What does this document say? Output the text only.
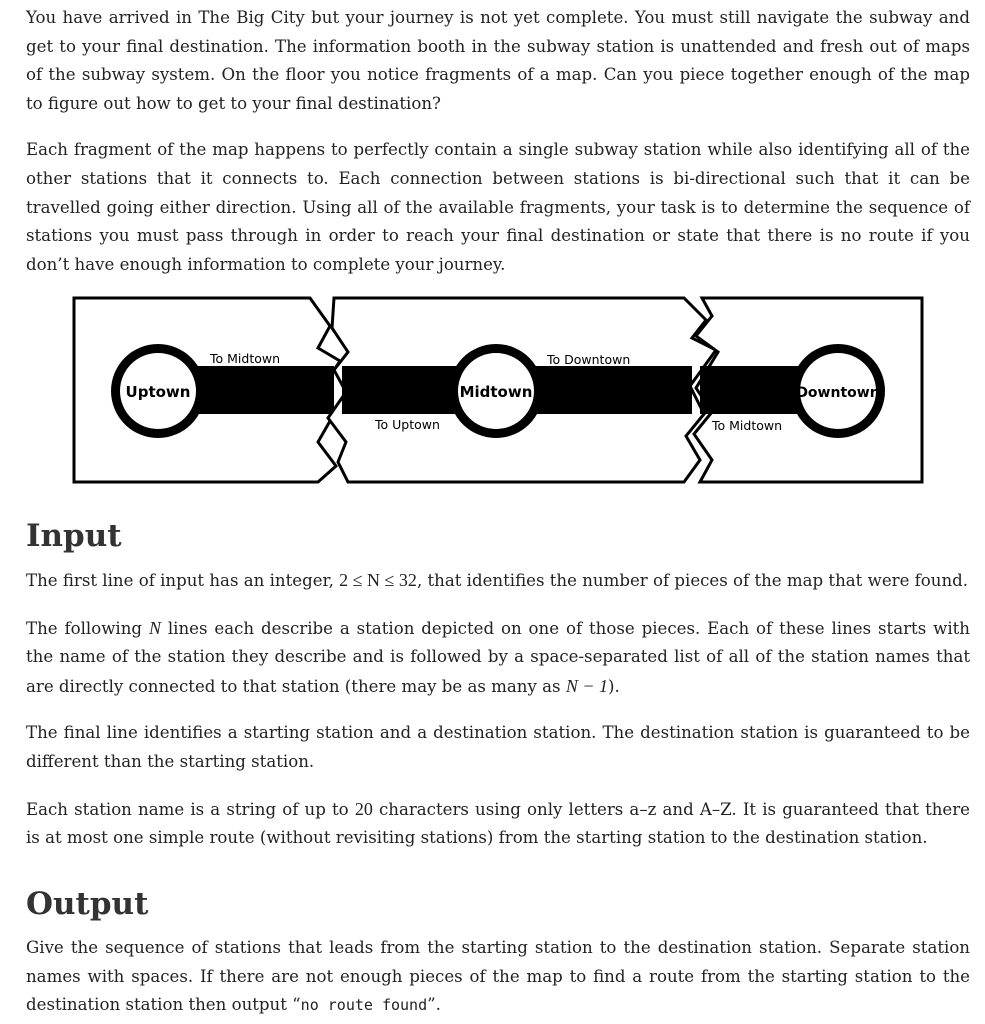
You have arrived in The Big City but your journey is not yet complete. You must still navigate the subway and get to your final destination. The information booth in the subway station is unattended and fresh out of maps of the subway system. On the floor you notice fragments of a map. Can you piece together enough of the map to figure out how to get to your final destination?

Each fragment of the map happens to perfectly contain a single subway station while also identifying all of the other stations that it connects to. Each connection between stations is bi-directional such that it can be travelled going either direction. Using all of the available fragments, your task is to determine the sequence of stations you must pass through in order to reach your final destination or state that there is no route if you don’t have enough information to complete your journey.

Uptown
To Midtown
Midtown
To Downtown
To Uptown
Downtown
To Midtown
Input

The first line of input has an integer, 2 ≤ N ≤ 32, that identifies the number of pieces of the map that were found.

The following N lines each describe a station depicted on one of those pieces. Each of these lines starts with the name of the station they describe and is followed by a space-separated list of all of the station names that are directly connected to that station (there may be as many as N − 1).

The final line identifies a starting station and a destination station. The destination station is guaranteed to be different than the starting station.

Each station name is a string of up to 20 characters using only letters a–z and A–Z. It is guaranteed that there is at most one simple route (without revisiting stations) from the starting station to the destination station.

Output

Give the sequence of stations that leads from the starting station to the destination station. Separate station names with spaces. If there are not enough pieces of the map to find a route from the starting station to the destination station then output “no route found”.
